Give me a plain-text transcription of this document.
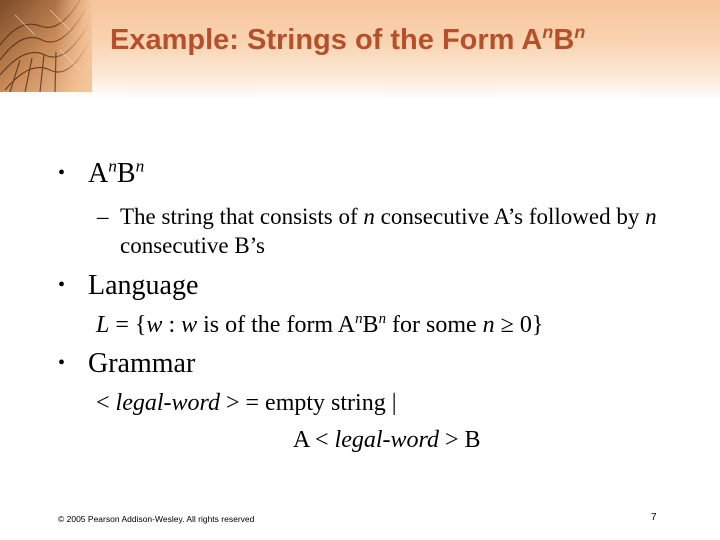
Example: Strings of the Form $A^nB^n$
• $A^nB^n$
– The string that consists of n consecutive A’s followed by n consecutive B’s
• Language
L = {w : w is of the form $A^nB^n$ for some n ≥ 0}
• Grammar
< legal-word > = empty string |
A < legal-word > B
© 2005 Pearson Addison-Wesley. All rights reserved	7
